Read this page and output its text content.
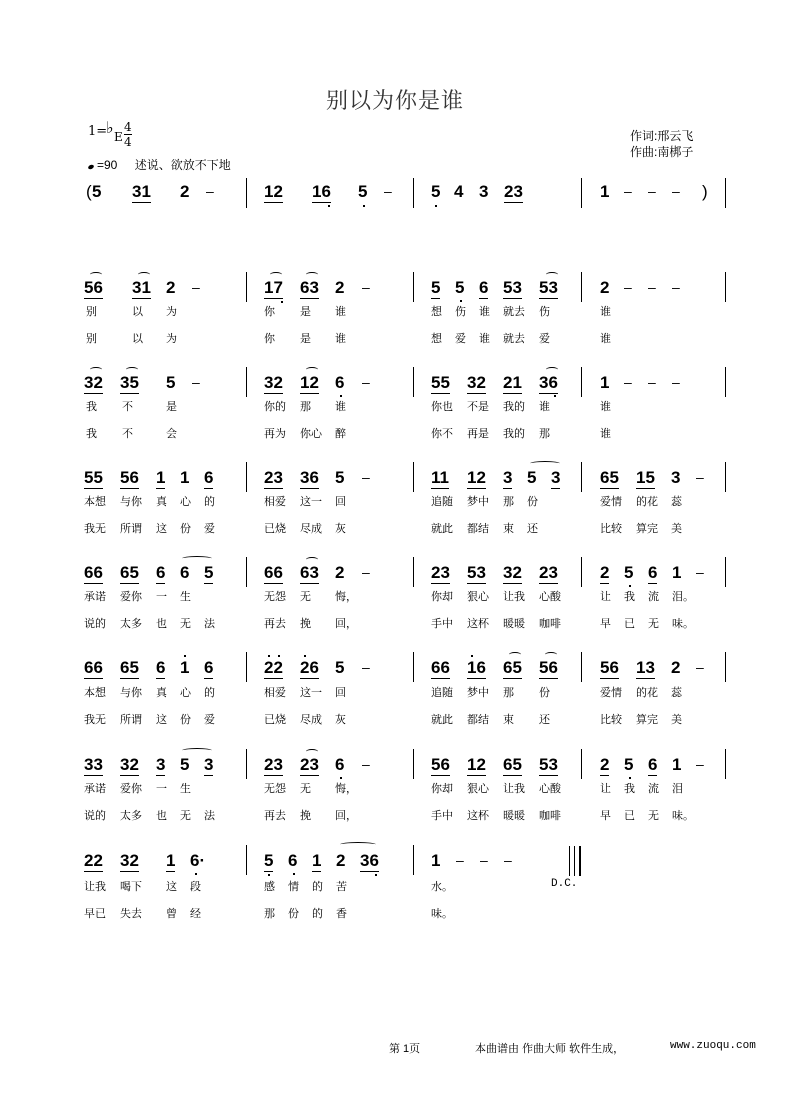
别以为你是谁
1=
♭ E $\frac{4}{4}$
=90 述说、欲放不下地
作词:邢云飞
作曲:南梆子
( 5 31 2 –	12 16 5 – 5 4 3 23	1 – – – )
56 31 2 –	17 63 2 –	5 5 6 53 53 2 – – –
别	以 为	你 是 谁	想 伤 谁 就去 伤	谁
别	以 为	你 是 谁	想 爱 谁 就去 爱	谁
32 35 5 –	32 12 6 –	55 32 21 36 1 – – –
我 不	是	你的 那 谁	你也 不是 我的 谁	谁
我 不	会	再为 你心 醉	你不 再是 我的 那	谁
55 56 1 1 6	23 36 5 –	11 12 3 5 3 65 15 3 –
本想 与你 真 心 的	相爱 这一 回	追随 梦中 那 份	爱情 的花 蕊
我无 所谓 这 份 爱	已烧 尽成 灰	就此 都结 束 还	比较 算完 美
66 65 6 6 5	66 63 2 –	23 53 32 23 2 5 6 1 –
承诺 爱你 一 生	无怨 无 悔，	你却 狠心 让我 心酸	让 我 流 泪。
说的 太多 也 无 法	再去 挽 回，	手中 这杯 暖暖 咖啡	早 已 无 味。
66 65 6 1 6	22 26 5 –	66 16 65 56 56 13 2 –
本想 与你 真 心 的	相爱 这一 回	追随 梦中 那 份	爱情 的花 蕊
我无 所谓 这 份 爱	已烧 尽成 灰	就此 都结 束 还	比较 算完 美
33 32 3 5 3	23 23 6 –	56 12 65 53 2 5 6 1 –
承诺 爱你 一 生	无怨 无 悔，	你却 狠心 让我 心酸	让 我 流 泪
说的 太多 也 无 法	再去 挽 回，	手中 这杯 暖暖 咖啡	早 已 无 味。
22 32 1 6·	5 6 1 2 36	1 – – –
D.C.
让我 喝下 这 段	感 情 的 苦	水。
早已 失去 曾 经	那 份 的 香	味。
第 1页	本曲谱由 作曲大师 软件生成，	www.zuoqu.com
